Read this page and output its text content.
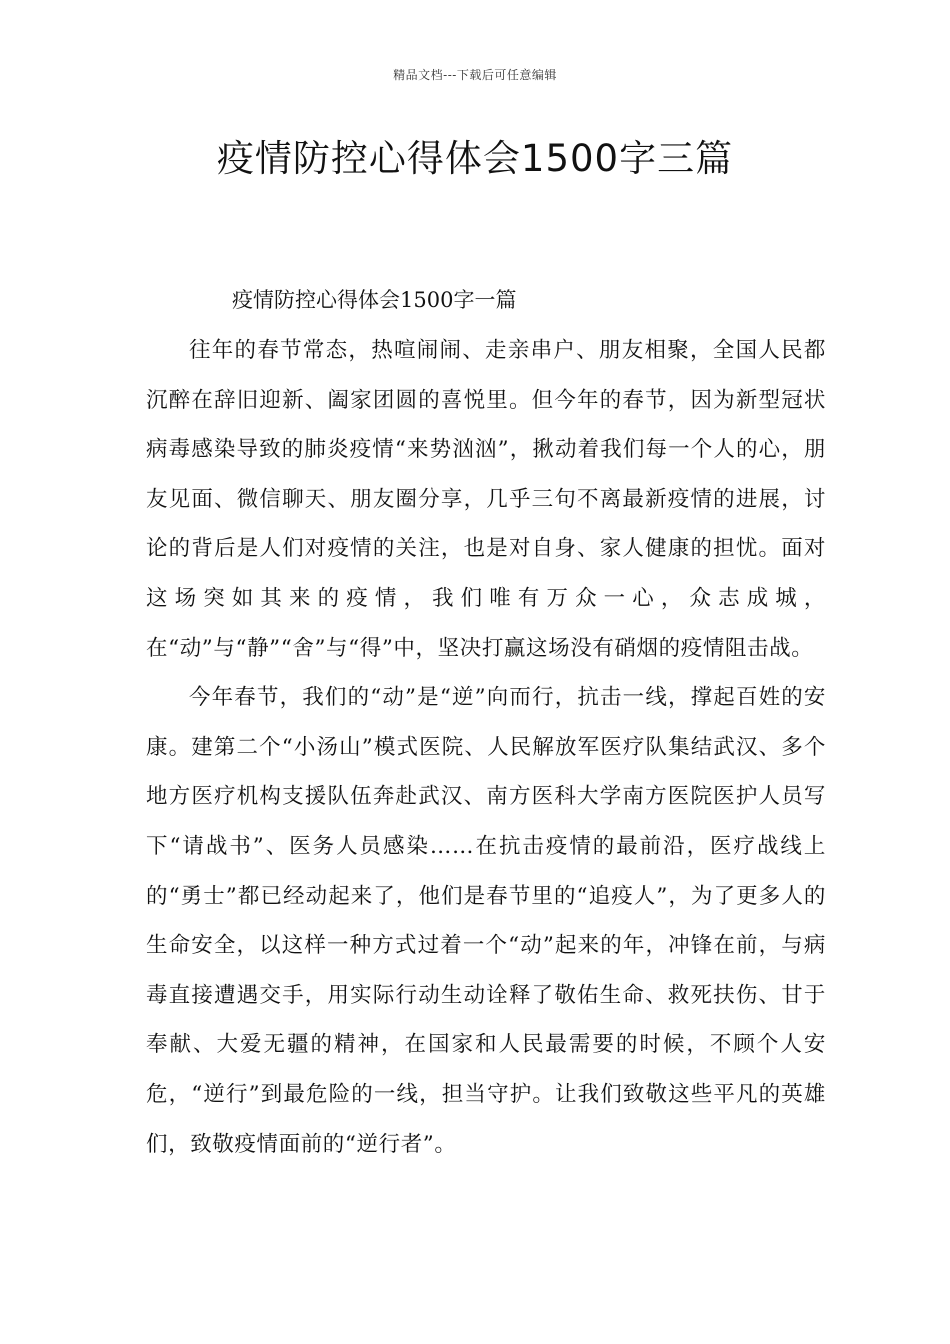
精品文档---下载后可任意编辑
疫情防控心得体会1500字三篇
疫情防控心得体会1500字一篇

往年的春节常态，热喧闹闹、走亲串户、朋友相聚，全国人民都沉醉在辞旧迎新、阖家团圆的喜悦里。但今年的春节，因为新型冠状病毒感染导致的肺炎疫情“来势汹汹”，揪动着我们每一个人的心，朋友见面、微信聊天、朋友圈分享，几乎三句不离最新疫情的进展，讨论的背后是人们对疫情的关注，也是对自身、家人健康的担忧。面对这场突如其来的疫情，我们唯有万众一心，众志成城，在“动”与“静”“舍”与“得”中，坚决打赢这场没有硝烟的疫情阻击战。

今年春节，我们的“动”是“逆”向而行，抗击一线，撑起百姓的安康。建第二个“小汤山”模式医院、人民解放军医疗队集结武汉、多个地方医疗机构支援队伍奔赴武汉、南方医科大学南方医院医护人员写下“请战书”、医务人员感染……在抗击疫情的最前沿，医疗战线上的“勇士”都已经动起来了，他们是春节里的“追疫人”，为了更多人的生命安全，以这样一种方式过着一个“动”起来的年，冲锋在前，与病毒直接遭遇交手，用实际行动生动诠释了敬佑生命、救死扶伤、甘于奉献、大爱无疆的精神，在国家和人民最需要的时候，不顾个人安危，“逆行”到最危险的一线，担当守护。让我们致敬这些平凡的英雄们，致敬疫情面前的“逆行者”。
